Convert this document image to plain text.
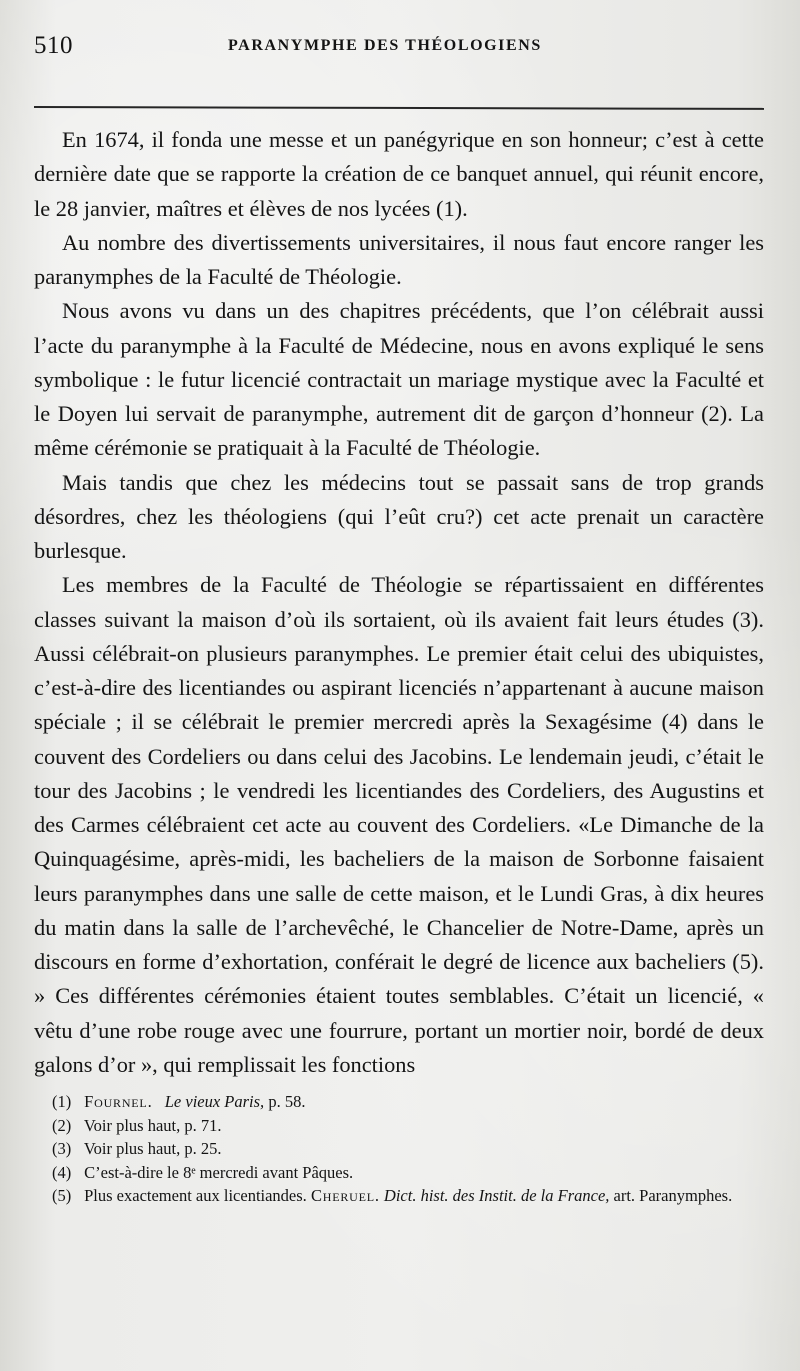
510	PARANYMPHE DES THÉOLOGIENS

En 1674, il fonda une messe et un panégyrique en son honneur; c’est à cette dernière date que se rapporte la création de ce banquet annuel, qui réunit encore, le 28 janvier, maîtres et élèves de nos lycées (1).

Au nombre des divertissements universitaires, il nous faut encore ranger les paranymphes de la Faculté de Théologie.

Nous avons vu dans un des chapitres précédents, que l’on célébrait aussi l’acte du paranymphe à la Faculté de Médecine, nous en avons expliqué le sens symbolique : le futur licencié contractait un mariage mystique avec la Faculté et le Doyen lui servait de paranymphe, autrement dit de garçon d’honneur (2). La même cérémonie se pratiquait à la Faculté de Théologie.

Mais tandis que chez les médecins tout se passait sans de trop grands désordres, chez les théologiens (qui l’eût cru?) cet acte prenait un caractère burlesque.

Les membres de la Faculté de Théologie se répartissaient en différentes classes suivant la maison d’où ils sortaient, où ils avaient fait leurs études (3). Aussi célébrait-on plusieurs paranymphes. Le premier était celui des ubiquistes, c’est-à-dire des licentiandes ou aspirant licenciés n’appartenant à aucune maison spéciale ; il se célébrait le premier mercredi après la Sexagésime (4) dans le couvent des Cordeliers ou dans celui des Jacobins. Le lendemain jeudi, c’était le tour des Jacobins ; le vendredi les licentiandes des Cordeliers, des Augustins et des Carmes célébraient cet acte au couvent des Cordeliers. «Le Dimanche de la Quinquagésime, après-midi, les bacheliers de la maison de Sorbonne faisaient leurs paranymphes dans une salle de cette maison, et le Lundi Gras, à dix heures du matin dans la salle de l’archevêché, le Chancelier de Notre-Dame, après un discours en forme d’exhortation, conférait le degré de licence aux bacheliers (5). » Ces différentes cérémonies étaient toutes semblables. C’était un licencié, « vêtu d’une robe rouge avec une fourrure, portant un mortier noir, bordé de deux galons d’or », qui remplissait les fonctions

(1) Fournel. Le vieux Paris, p. 58.
(2) Voir plus haut, p. 71.
(3) Voir plus haut, p. 25.
(4) C’est-à-dire le 8ᵉ mercredi avant Pâques.
(5) Plus exactement aux licentiandes. Cheruel. Dict. hist. des Instit. de la France, art. Paranymphes.
